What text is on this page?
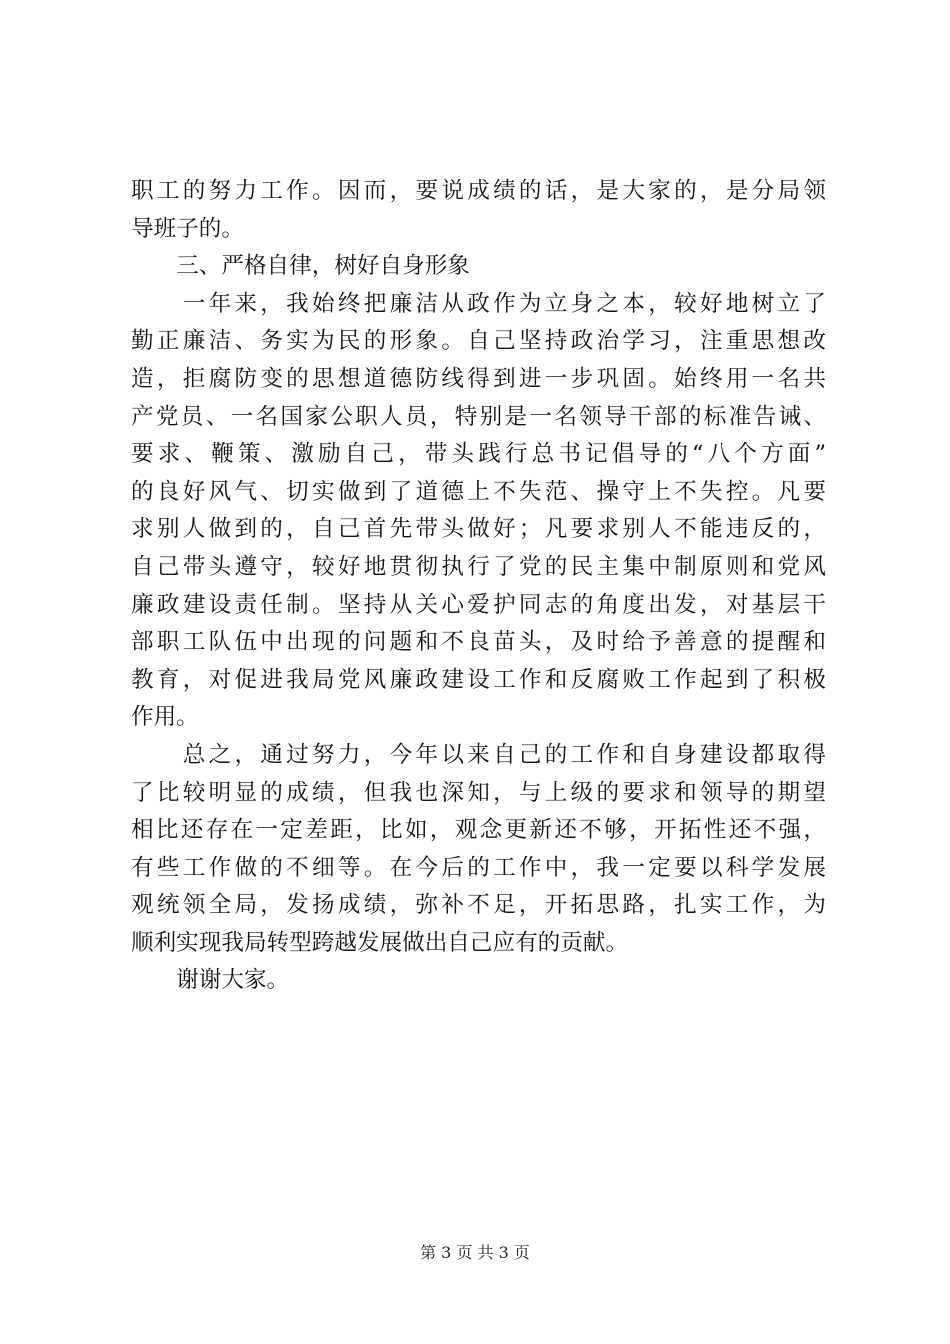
职工的努力工作。因而，要说成绩的话，是大家的，是分局领
导班子的。
　　三、严格自律，树好自身形象
　　一年来，我始终把廉洁从政作为立身之本，较好地树立了
勤正廉洁、务实为民的形象。自己坚持政治学习，注重思想改
造，拒腐防变的思想道德防线得到进一步巩固。始终用一名共
产党员、一名国家公职人员，特别是一名领导干部的标准告诫、
要求、鞭策、激励自己，带头践行总书记倡导的“八个方面”
的良好风气、切实做到了道德上不失范、操守上不失控。凡要
求别人做到的，自己首先带头做好；凡要求别人不能违反的，
自己带头遵守，较好地贯彻执行了党的民主集中制原则和党风
廉政建设责任制。坚持从关心爱护同志的角度出发，对基层干
部职工队伍中出现的问题和不良苗头，及时给予善意的提醒和
教育，对促进我局党风廉政建设工作和反腐败工作起到了积极
作用。
　　总之，通过努力，今年以来自己的工作和自身建设都取得
了比较明显的成绩，但我也深知，与上级的要求和领导的期望
相比还存在一定差距，比如，观念更新还不够，开拓性还不强，
有些工作做的不细等。在今后的工作中，我一定要以科学发展
观统领全局，发扬成绩，弥补不足，开拓思路，扎实工作，为
顺利实现我局转型跨越发展做出自己应有的贡献。
　　谢谢大家。
第 3 页 共 3 页
